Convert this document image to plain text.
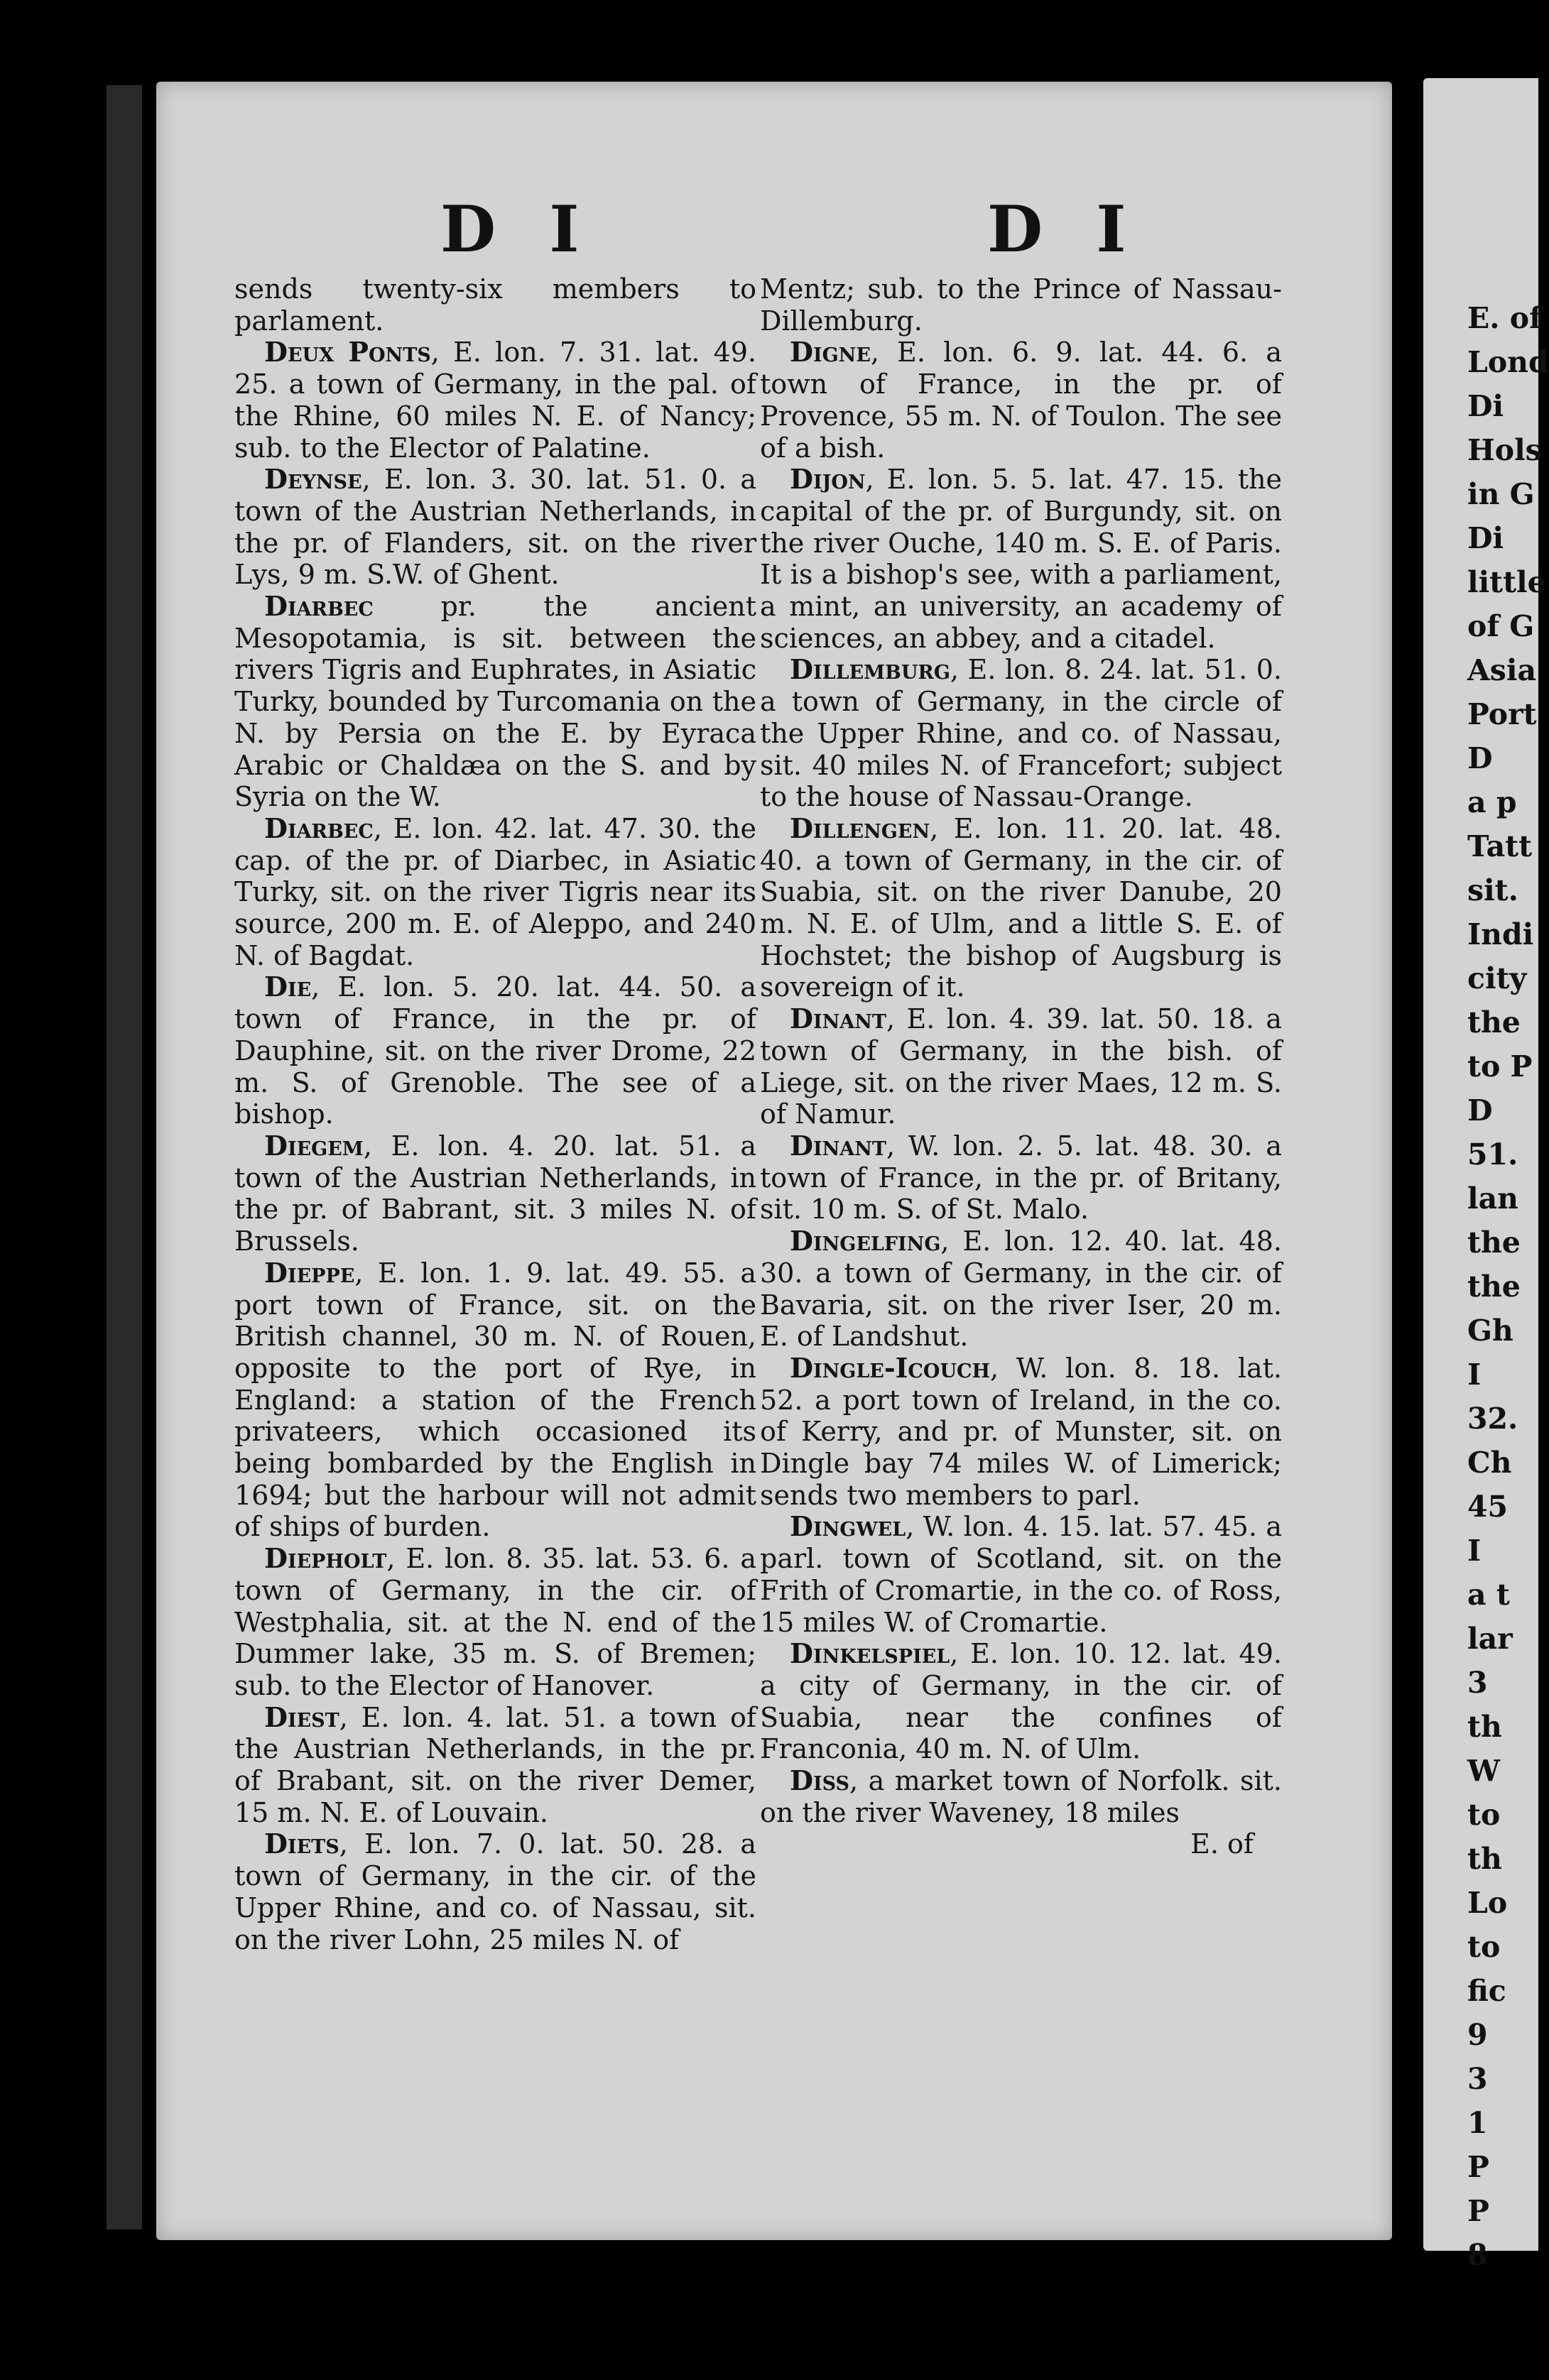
D I	D I

sends twenty-six members to parlament.

Deux Ponts, E. lon. 7. 31. lat. 49. 25. a town of Germany, in the pal. of the Rhine, 60 miles N. E. of Nancy; sub. to the Elector of Palatine.

Deynse, E. lon. 3. 30. lat. 51. 0. a town of the Austrian Netherlands, in the pr. of Flanders, sit. on the river Lys, 9 m. S.W. of Ghent.

Diarbec pr. the ancient Mesopotamia, is sit. between the rivers Tigris and Euphrates, in Asiatic Turky, bounded by Turcomania on the N. by Persia on the E. by Eyraca Arabic or Chaldæa on the S. and by Syria on the W.

Diarbec, E. lon. 42. lat. 47. 30. the cap. of the pr. of Diarbec, in Asiatic Turky, sit. on the river Tigris near its source, 200 m. E. of Aleppo, and 240 N. of Bagdat.

Die, E. lon. 5. 20. lat. 44. 50. a town of France, in the pr. of Dauphine, sit. on the river Drome, 22 m. S. of Grenoble. The see of a bishop.

Diegem, E. lon. 4. 20. lat. 51. a town of the Austrian Netherlands, in the pr. of Babrant, sit. 3 miles N. of Brussels.

Dieppe, E. lon. 1. 9. lat. 49. 55. a port town of France, sit. on the British channel, 30 m. N. of Rouen, opposite to the port of Rye, in England: a station of the French privateers, which occasioned its being bombarded by the English in 1694; but the harbour will not admit of ships of burden.

Diepholt, E. lon. 8. 35. lat. 53. 6. a town of Germany, in the cir. of Westphalia, sit. at the N. end of the Dummer lake, 35 m. S. of Bremen; sub. to the Elector of Hanover.

Diest, E. lon. 4. lat. 51. a town of the Austrian Netherlands, in the pr. of Brabant, sit. on the river Demer, 15 m. N. E. of Louvain.

Diets, E. lon. 7. 0. lat. 50. 28. a town of Germany, in the cir. of the Upper Rhine, and co. of Nassau, sit. on the river Lohn, 25 miles N. of

Mentz; sub. to the Prince of Nassau-Dillemburg.

Digne, E. lon. 6. 9. lat. 44. 6. a town of France, in the pr. of Provence, 55 m. N. of Toulon. The see of a bish.

Dijon, E. lon. 5. 5. lat. 47. 15. the capital of the pr. of Burgundy, sit. on the river Ouche, 140 m. S. E. of Paris. It is a bishop's see, with a parliament, a mint, an university, an academy of sciences, an abbey, and a citadel.

Dillemburg, E. lon. 8. 24. lat. 51. 0. a town of Germany, in the circle of the Upper Rhine, and co. of Nassau, sit. 40 miles N. of Francefort; subject to the house of Nassau-Orange.

Dillengen, E. lon. 11. 20. lat. 48. 40. a town of Germany, in the cir. of Suabia, sit. on the river Danube, 20 m. N. E. of Ulm, and a little S. E. of Hochstet; the bishop of Augsburg is sovereign of it.

Dinant, E. lon. 4. 39. lat. 50. 18. a town of Germany, in the bish. of Liege, sit. on the river Maes, 12 m. S. of Namur.

Dinant, W. lon. 2. 5. lat. 48. 30. a town of France, in the pr. of Britany, sit. 10 m. S. of St. Malo.

Dingelfing, E. lon. 12. 40. lat. 48. 30. a town of Germany, in the cir. of Bavaria, sit. on the river Iser, 20 m. E. of Landshut.

Dingle-Icouch, W. lon. 8. 18. lat. 52. a port town of Ireland, in the co. of Kerry, and pr. of Munster, sit. on Dingle bay 74 miles W. of Limerick; sends two members to parl.

Dingwel, W. lon. 4. 15. lat. 57. 45. a parl. town of Scotland, sit. on the Frith of Cromartie, in the co. of Ross, 15 miles W. of Cromartie.

Dinkelspiel, E. lon. 10. 12. lat. 49. a city of Germany, in the cir. of Suabia, near the confines of Franconia, 40 m. N. of Ulm.

Diss, a market town of Norfolk. sit. on the river Waveney, 18 miles

E. of

E. of

Lond

Di

Hols

in G

Di

little

of G

Asia

Port

D

a p

Tatt

sit.

Indi

city

the

to P

D

51.

lan

the

the

Gh

I

32.

Ch

45

I

a t

lar

3

th

W

to

th

Lo

to

fic

9

3

1

P

P

8
